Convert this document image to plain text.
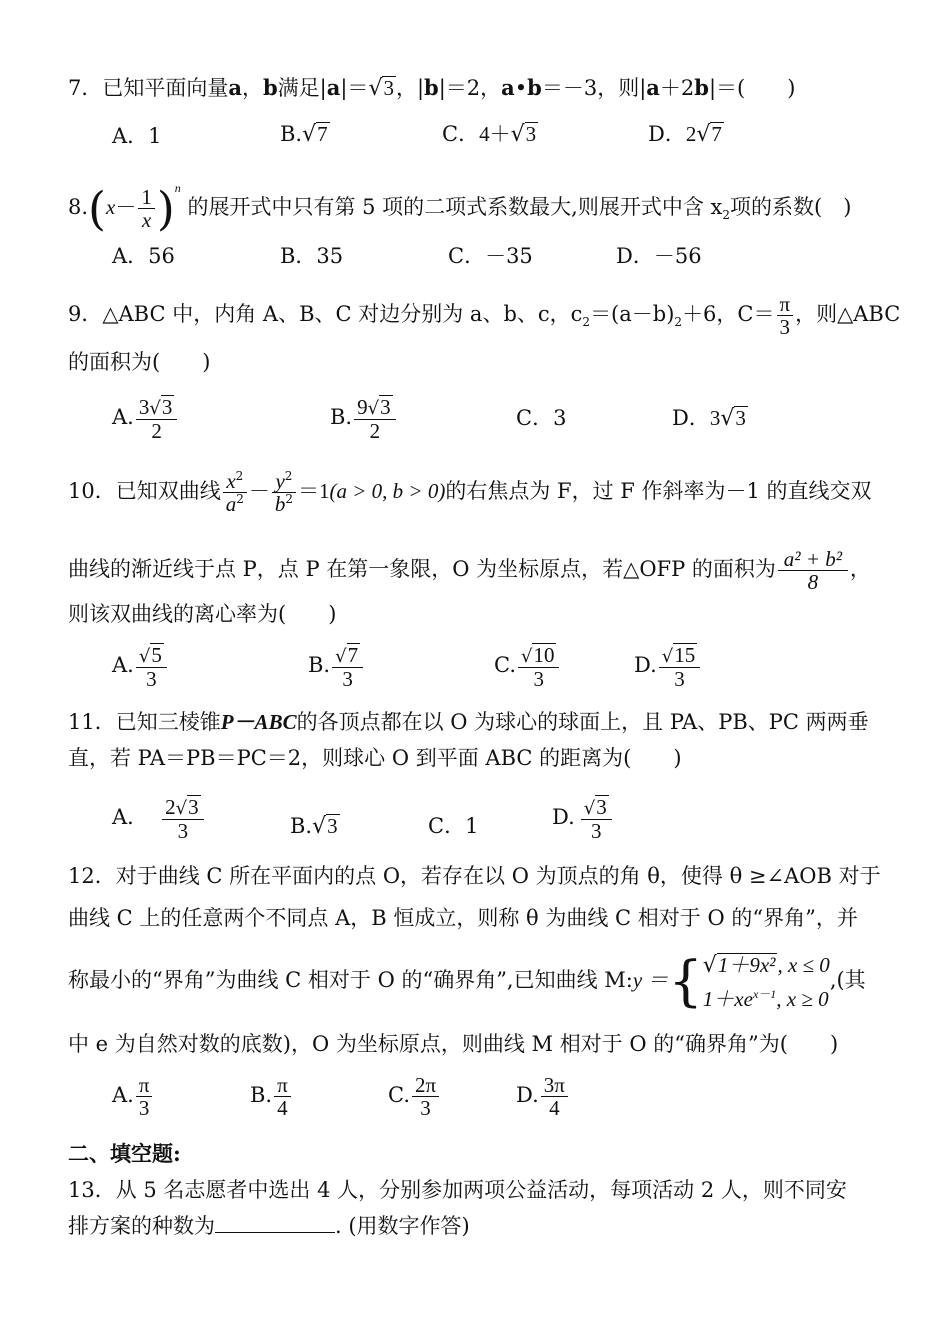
7．已知平面向量a，b满足|a|＝√3，|b|＝2，a•b＝－3，则|a＋2b|＝(　　)
A．1	B.√7	C．4＋√3	D．2√7
$8.(x- \frac{1}{x} )^n$ 的展开式中只有第 5 项的二项式系数最大,则展开式中含 $x_2$项的系数(　)
A．56	B．35	C．－35	D．－56
9．△ABC 中，内角 A、B、C 对边分别为 a、b、c，$c_2=(a-b)_2+6$，$C= \frac{\pi}{3}$ ，则△ABC
的面积为(　　)
A. $\frac{3√3}{2}$	B. $\frac{9√3}{2}$	C．3	D．3√3
10．已知双曲线 $\frac{x^2}{a^2} - \frac{y^2}{b^2} =1(a > 0$, b > 0)的右焦点为 F，过 F 作斜率为－1 的直线交双
曲线的渐近线于点 P，点 P 在第一象限，O 为坐标原点，若△OFP 的面积为 $\frac{\text{a² + b²}}{8}$ ，
则该双曲线的离心率为(　　)
A. $\frac{√5}{3}$	B. $\frac{√7}{3}$	C. $\frac{√10}{3}$	D. $\frac{√15}{3}$
11．已知三棱锥P－ABC的各顶点都在以 O 为球心的球面上，且 PA、PB、PC 两两垂
直，若 PA＝PB＝PC＝2，则球心 O 到平面 ABC 的距离为(　　)
A． $\frac{2√3}{3}$	B.√3	C．1	D. $\frac{√3}{3}$
12．对于曲线 C 所在平面内的点 O，若存在以 O 为顶点的角 θ，使得 θ ≥∠AOB 对于
曲线 C 上的任意两个不同点 A，B 恒成立，则称 θ 为曲线 C 相对于 O 的“界角”，并
称最小的“界角”为曲线 C 相对于 O 的“确界角”,已知曲线 M:y ＝{ √1＋9x², x ≤ 0
$1+xe^{x-1}$, x ≥ 0
,(其
中 e 为自然对数的底数)，O 为坐标原点，则曲线 M 相对于 O 的“确界角”为(　　)
A. $\frac{\pi}{3}$	B. $\frac{\pi}{4}$	C. $\frac{2\pi}{3}$	D. $\frac{3\pi}{4}$
二、填空题:
13．从 5 名志愿者中选出 4 人，分别参加两项公益活动，每项活动 2 人，则不同安
排方案的种数为	. (用数字作答)
